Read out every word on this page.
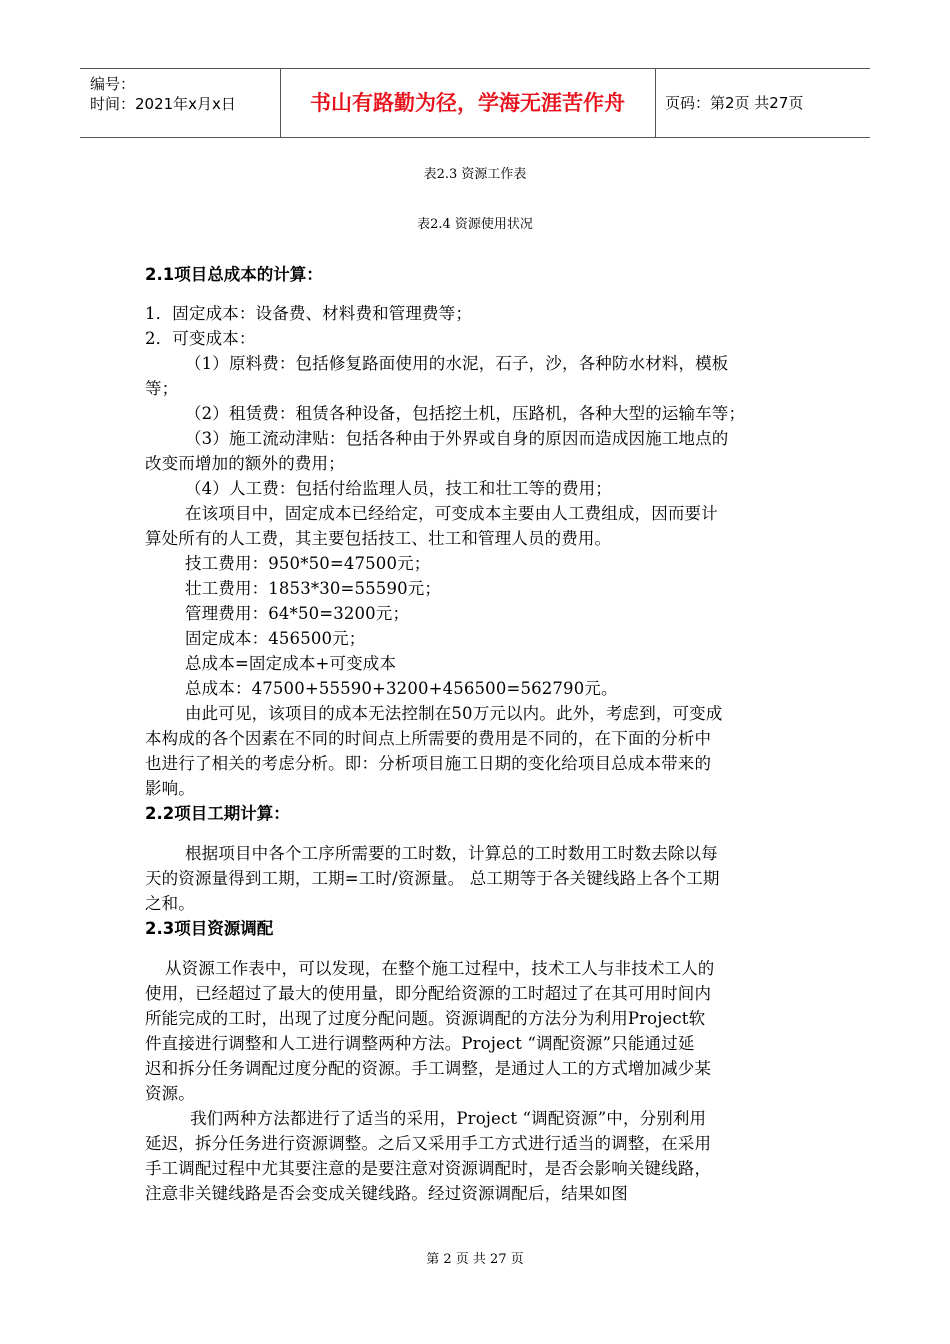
编号：
时间：2021年x月x日	书山有路勤为径，学海无涯苦作舟	页码：第2页 共27页
表2.3 资源工作表
表2.4 资源使用状况
2.1项目总成本的计算：
1．固定成本：设备费、材料费和管理费等；
2．可变成本：
（1）原料费：包括修复路面使用的水泥，石子，沙，各种防水材料，模板
等；
（2）租赁费：租赁各种设备，包括挖土机，压路机，各种大型的运输车等；
（3）施工流动津贴：包括各种由于外界或自身的原因而造成因施工地点的
改变而增加的额外的费用；
（4）人工费：包括付给监理人员，技工和壮工等的费用；
在该项目中，固定成本已经给定，可变成本主要由人工费组成，因而要计
算处所有的人工费，其主要包括技工、壮工和管理人员的费用。
技工费用：950*50=47500元；
壮工费用：1853*30=55590元；
管理费用：64*50=3200元；
固定成本：456500元；
总成本=固定成本+可变成本
总成本：47500+55590+3200+456500=562790元。
由此可见，该项目的成本无法控制在50万元以内。此外，考虑到，可变成
本构成的各个因素在不同的时间点上所需要的费用是不同的，在下面的分析中
也进行了相关的考虑分析。即：分析项目施工日期的变化给项目总成本带来的
影响。
2.2项目工期计算：
根据项目中各个工序所需要的工时数，计算总的工时数用工时数去除以每
天的资源量得到工期，工期=工时/资源量。 总工期等于各关键线路上各个工期
之和。
2.3项目资源调配
从资源工作表中，可以发现，在整个施工过程中，技术工人与非技术工人的
使用，已经超过了最大的使用量，即分配给资源的工时超过了在其可用时间内
所能完成的工时，出现了过度分配问题。资源调配的方法分为利用Project软
件直接进行调整和人工进行调整两种方法。Project “调配资源”只能通过延
迟和拆分任务调配过度分配的资源。手工调整，是通过人工的方式增加减少某
资源。
我们两种方法都进行了适当的采用，Project “调配资源”中，分别利用
延迟，拆分任务进行资源调整。之后又采用手工方式进行适当的调整，在采用
手工调配过程中尤其要注意的是要注意对资源调配时，是否会影响关键线路，
注意非关键线路是否会变成关键线路。经过资源调配后，结果如图
第 2 页 共 27 页
